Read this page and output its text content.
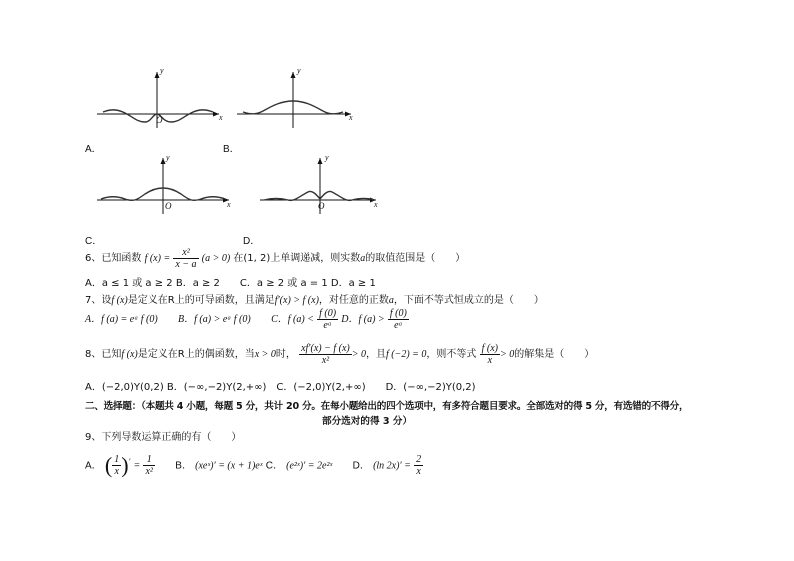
y
O	x
A．
y
x
B．
y
O	x
C．
y
O	x
D．
6、已知函数 f $(x) = \frac{\text{x²}}{x - a} (a > 0)$ 在(1, 2)上单调递减，则实数a的取值范围是（　　）
A．a ≤ 1 或 a ≥ 2 B．a ≥ 2　　C．a ≥ 2 或 a = 1 D．a ≥ 1
7、设f (x)是定义在R上的可导函数，且满足f′(x) > f (x)，对任意的正数a，下面不等式恒成立的是（　　）
A．f (a) = eᵃ f (0) B．f (a) > eᵃ f (0) C．f $(a) < \frac{f (0)}{\text{eᵃ}}$ D．f $(a) > \frac{f (0)}{\text{eᵃ}}$
8、已知f (x)是定义在R上的偶函数，当x > 0时， $\frac{xf'(x) - f (x)}{\text{x²}} > 0$，且f (−2) = 0，则不等式 $\frac{f (x)}{x} > 0$的解集是（　　）
A．(−2,0)Y(0,2) B．(−∞,−2)Y(2,+∞)　C．(−2,0)Y(2,+∞)　　D．(−∞,−2)Y(0,2)
二、选择题：（本题共 4 小题，每题 5 分，共计 20 分。在每小题给出的四个选项中，有多符合题目要求。全部选对的得 5 分，有选错的不得分，
部分选对的得 3 分）
9、下列导数运算正确的有（　　）
A． ( $\frac{1}{x} )' = \frac{1}{\text{x²}}$ B． (xeˣ)′ = (x + 1)eˣ C． (e²ˣ)′ = 2e²ˣ D． (ln $2x)' = \frac{2}{x}$
